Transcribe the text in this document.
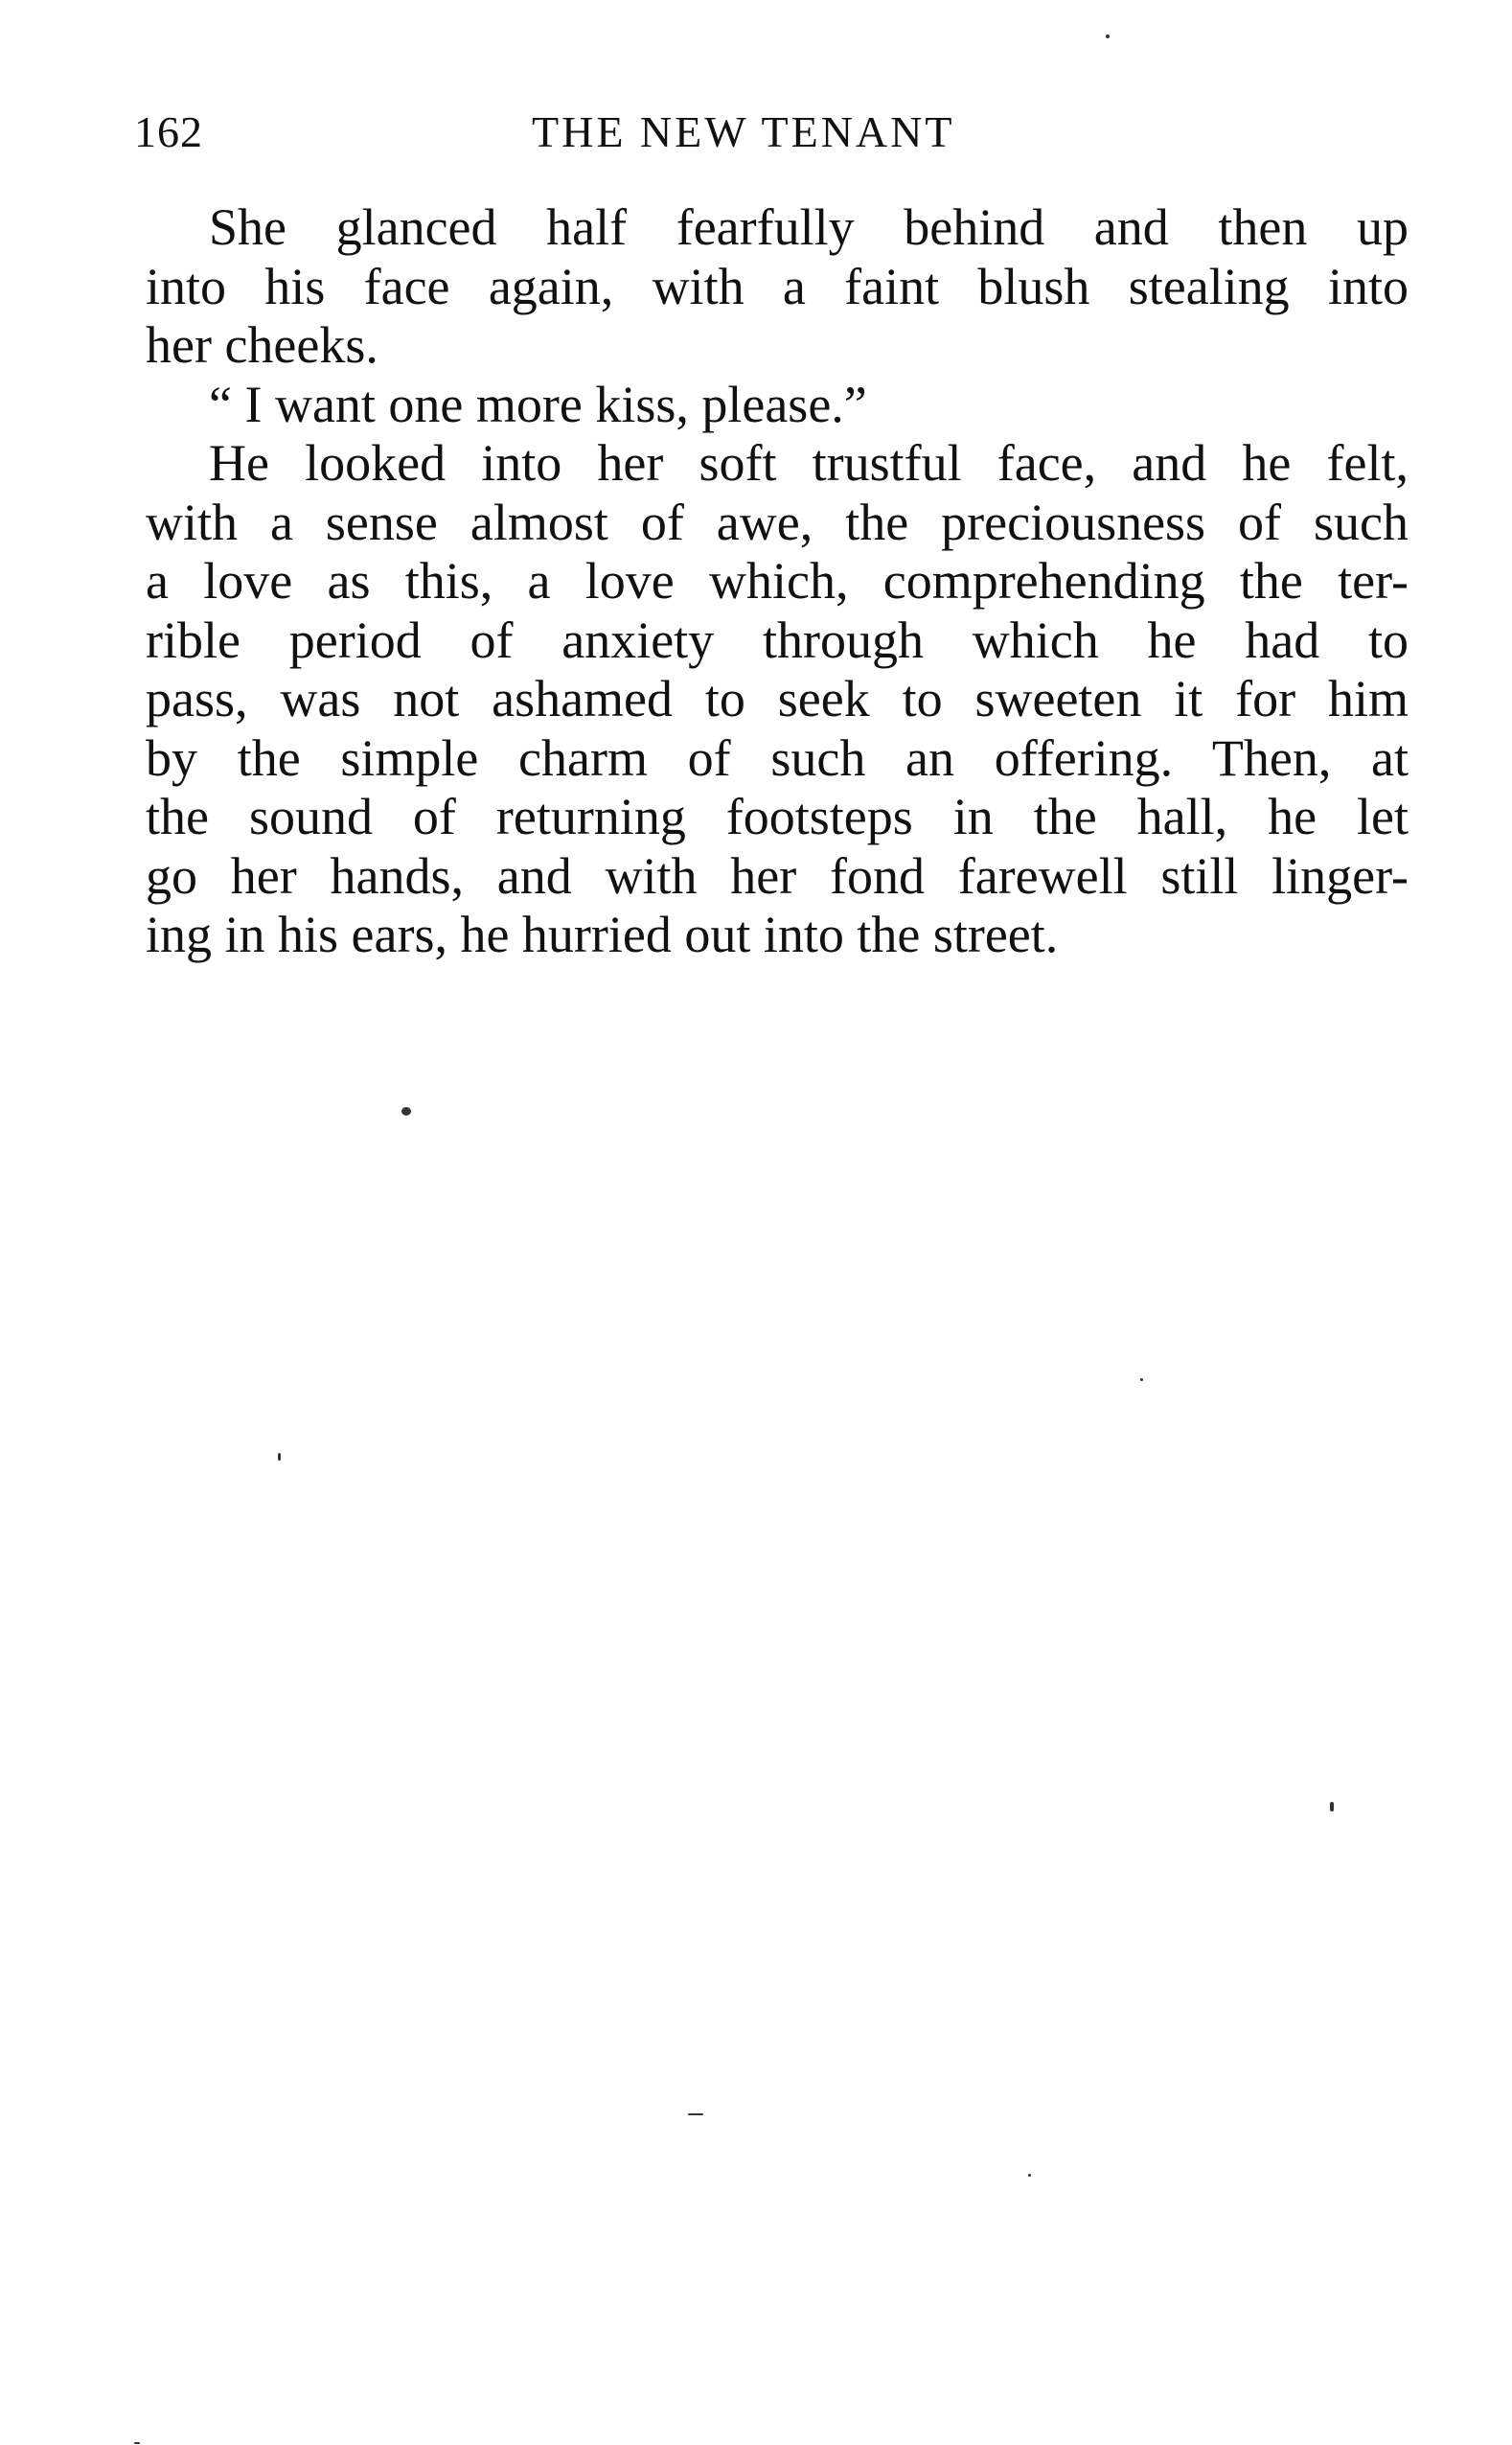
162	THE NEW TENANT
She glanced half fearfully behind and then up
into his face again, with a faint blush stealing into
her cheeks.
“ I want one more kiss, please.”
He looked into her soft trustful face, and he felt,
with a sense almost of awe, the preciousness of such
a love as this, a love which, comprehending the ter-
rible period of anxiety through which he had to
pass, was not ashamed to seek to sweeten it for him
by the simple charm of such an offering. Then, at
the sound of returning footsteps in the hall, he let
go her hands, and with her fond farewell still linger-
ing in his ears, he hurried out into the street.
